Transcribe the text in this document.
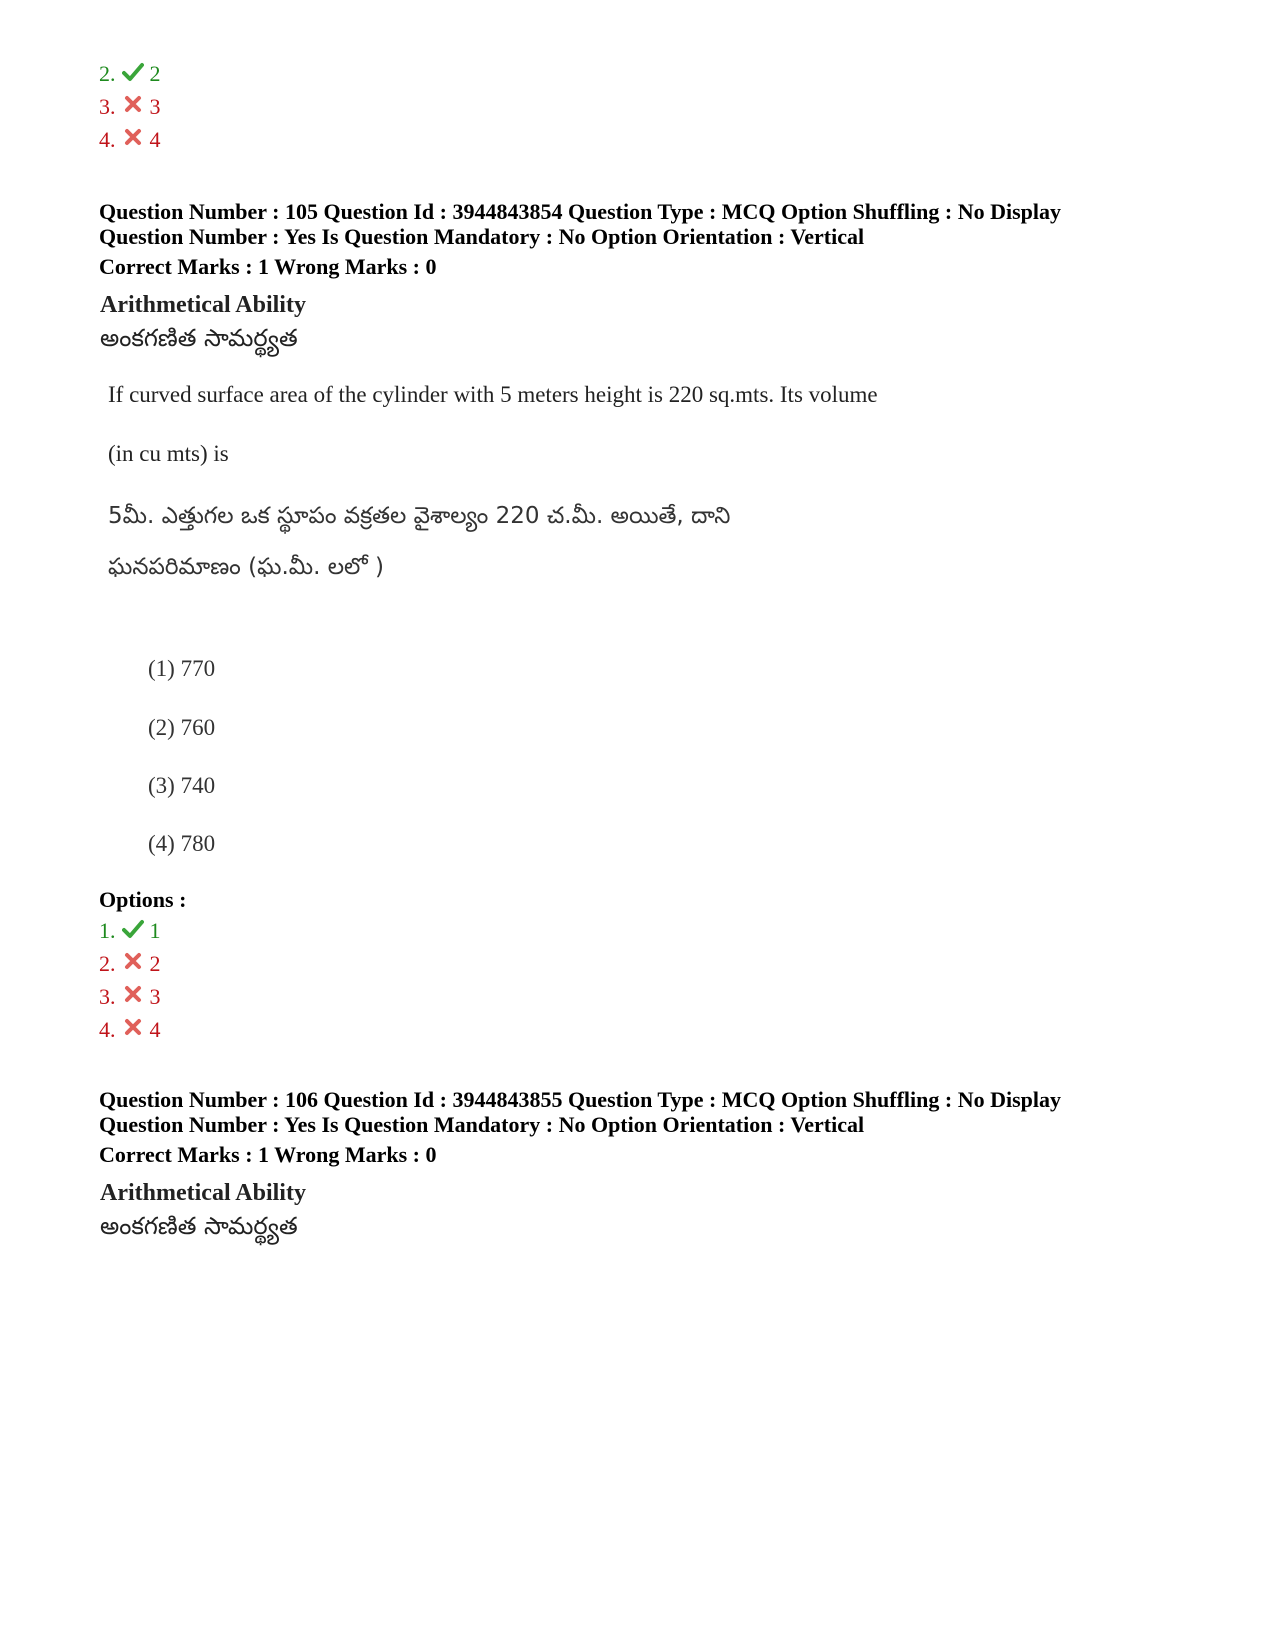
2. 2
3. 3
4. 4
Question Number : 105 Question Id : 3944843854 Question Type : MCQ Option Shuffling : No Display
Question Number : Yes Is Question Mandatory : No Option Orientation : Vertical
Correct Marks : 1 Wrong Marks : 0
Arithmetical Ability
అంకగణిత సామర్థ్యత
If curved surface area of the cylinder with 5 meters height is 220 sq.mts. Its volume
(in cu mts) is
5మీ. ఎత్తుగల ఒక స్థూపం వక్రతల వైశాల్యం 220 చ.మీ. అయితే, దాని
ఘనపరిమాణం (ఘ.మీ. లలో )
(1) 770
(2) 760
(3) 740
(4) 780
Options :
1. 1
2. 2
3. 3
4. 4
Question Number : 106 Question Id : 3944843855 Question Type : MCQ Option Shuffling : No Display
Question Number : Yes Is Question Mandatory : No Option Orientation : Vertical
Correct Marks : 1 Wrong Marks : 0
Arithmetical Ability
అంకగణిత సామర్థ్యత
